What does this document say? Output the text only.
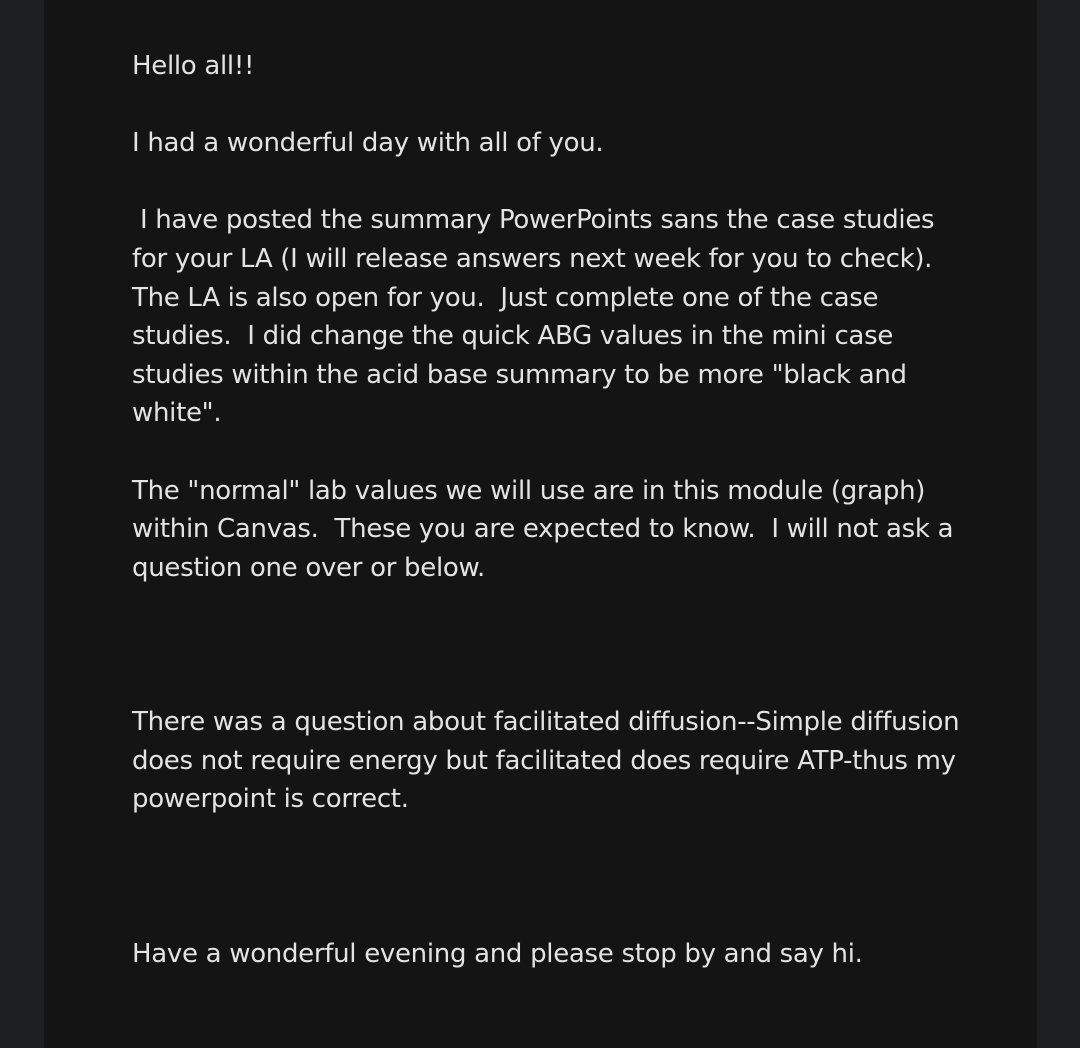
Hello all!!

I had a wonderful day with all of you.

I have posted the summary PowerPoints sans the case studies for your LA (I will release answers next week for you to check).  The LA is also open for you.  Just complete one of the case studies.  I did change the quick ABG values in the mini case studies within the acid base summary to be more "black and white".

The "normal" lab values we will use are in this module (graph) within Canvas.  These you are expected to know.  I will not ask a question one over or below.

There was a question about facilitated diffusion--Simple diffusion does not require energy but facilitated does require ATP-thus my powerpoint is correct.

Have a wonderful evening and please stop by and say hi.
